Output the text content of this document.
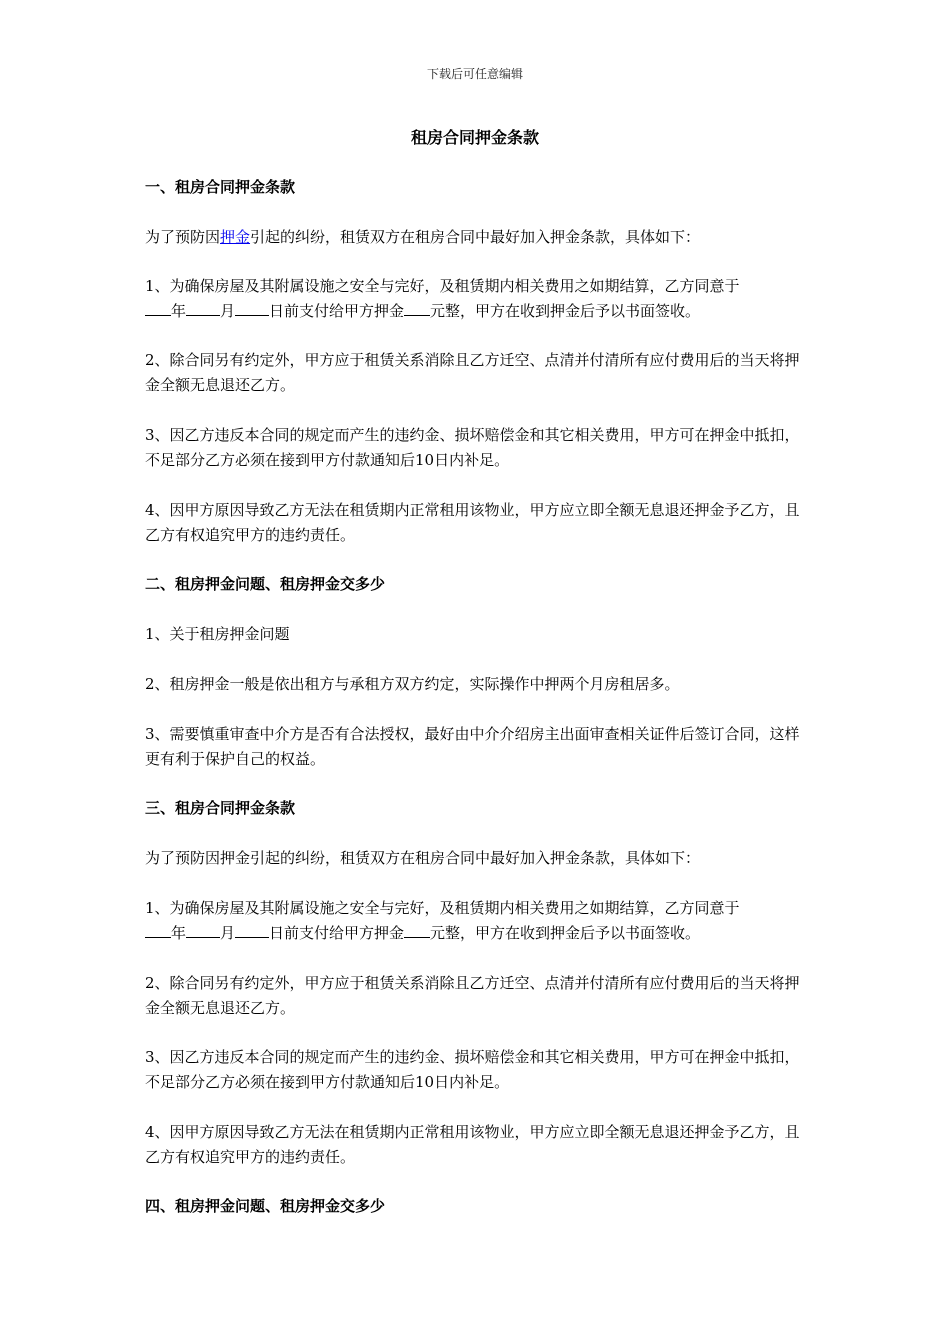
下载后可任意编辑
租房合同押金条款

一、租房合同押金条款

为了预防因押金引起的纠纷，租赁双方在租房合同中最好加入押金条款，具体如下：

1、为确保房屋及其附属设施之安全与完好，及租赁期内相关费用之如期结算，乙方同意于
年 月 日前支付给甲方押金 元整，甲方在收到押金后予以书面签收。

2、除合同另有约定外，甲方应于租赁关系消除且乙方迁空、点清并付清所有应付费用后的当天将押金全额无息退还乙方。

3、因乙方违反本合同的规定而产生的违约金、损坏赔偿金和其它相关费用，甲方可在押金中抵扣，不足部分乙方必须在接到甲方付款通知后10日内补足。

4、因甲方原因导致乙方无法在租赁期内正常租用该物业，甲方应立即全额无息退还押金予乙方，且乙方有权追究甲方的违约责任。

二、租房押金问题、租房押金交多少

1、关于租房押金问题

2、租房押金一般是依出租方与承租方双方约定，实际操作中押两个月房租居多。

3、需要慎重审查中介方是否有合法授权，最好由中介介绍房主出面审查相关证件后签订合同，这样更有利于保护自己的权益。

三、租房合同押金条款

为了预防因押金引起的纠纷，租赁双方在租房合同中最好加入押金条款，具体如下：

1、为确保房屋及其附属设施之安全与完好，及租赁期内相关费用之如期结算，乙方同意于
年 月 日前支付给甲方押金 元整，甲方在收到押金后予以书面签收。

2、除合同另有约定外，甲方应于租赁关系消除且乙方迁空、点清并付清所有应付费用后的当天将押金全额无息退还乙方。

3、因乙方违反本合同的规定而产生的违约金、损坏赔偿金和其它相关费用，甲方可在押金中抵扣，不足部分乙方必须在接到甲方付款通知后10日内补足。

4、因甲方原因导致乙方无法在租赁期内正常租用该物业，甲方应立即全额无息退还押金予乙方，且乙方有权追究甲方的违约责任。

四、租房押金问题、租房押金交多少
